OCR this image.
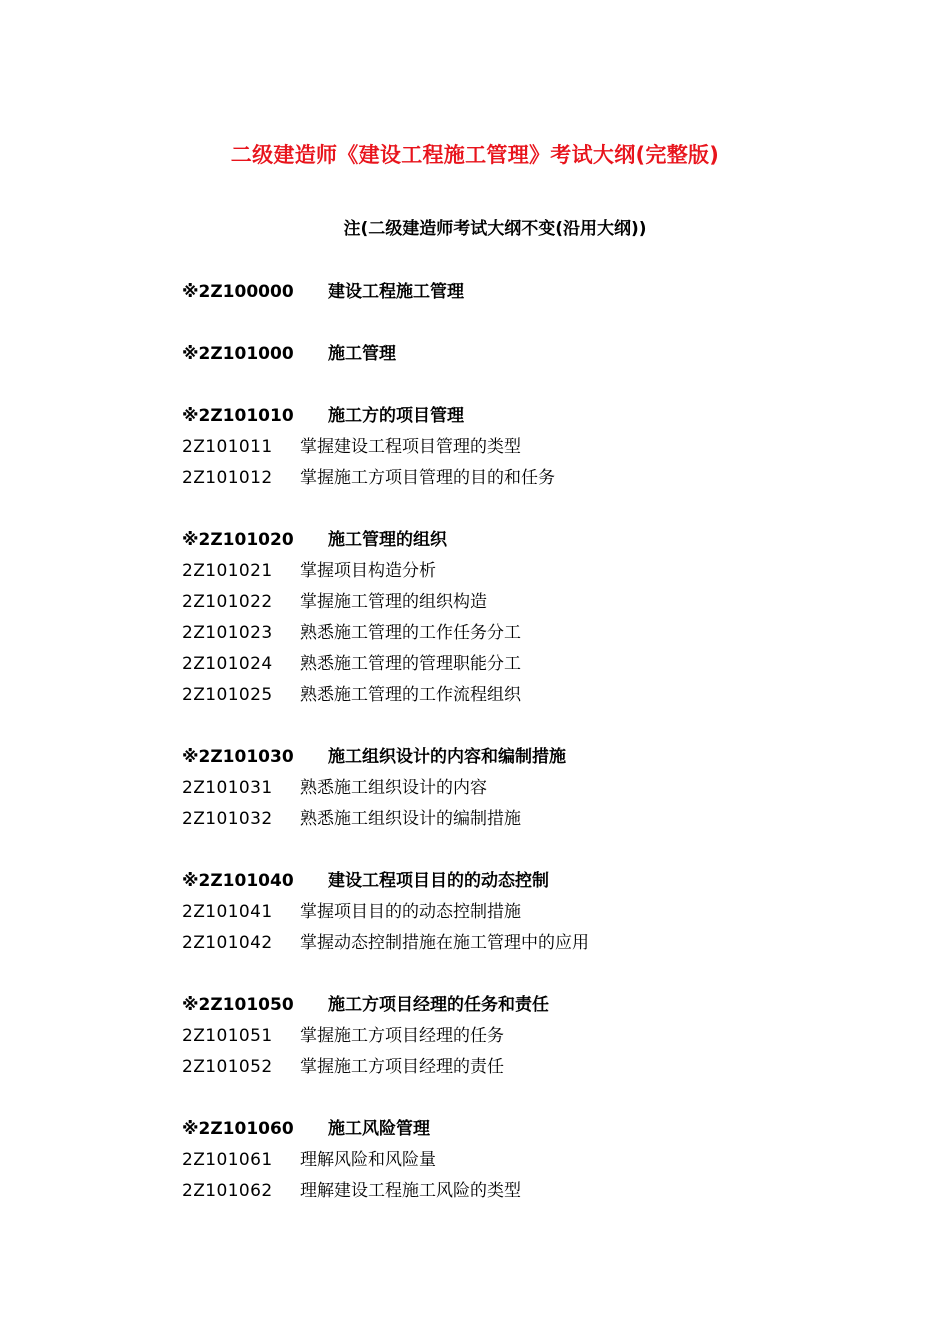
二级建造师《建设工程施工管理》考试大纲(完整版)
注(二级建造师考试大纲不变(沿用大纲))
※2Z100000 建设工程施工管理
※2Z101000 施工管理
※2Z101010 施工方的项目管理
2Z101011 掌握建设工程项目管理的类型
2Z101012 掌握施工方项目管理的目的和任务
※2Z101020 施工管理的组织
2Z101021 掌握项目构造分析
2Z101022 掌握施工管理的组织构造
2Z101023 熟悉施工管理的工作任务分工
2Z101024 熟悉施工管理的管理职能分工
2Z101025 熟悉施工管理的工作流程组织
※2Z101030 施工组织设计的内容和编制措施
2Z101031 熟悉施工组织设计的内容
2Z101032 熟悉施工组织设计的编制措施
※2Z101040 建设工程项目目的的动态控制
2Z101041 掌握项目目的的动态控制措施
2Z101042 掌握动态控制措施在施工管理中的应用
※2Z101050 施工方项目经理的任务和责任
2Z101051 掌握施工方项目经理的任务
2Z101052 掌握施工方项目经理的责任
※2Z101060 施工风险管理
2Z101061 理解风险和风险量
2Z101062 理解建设工程施工风险的类型
